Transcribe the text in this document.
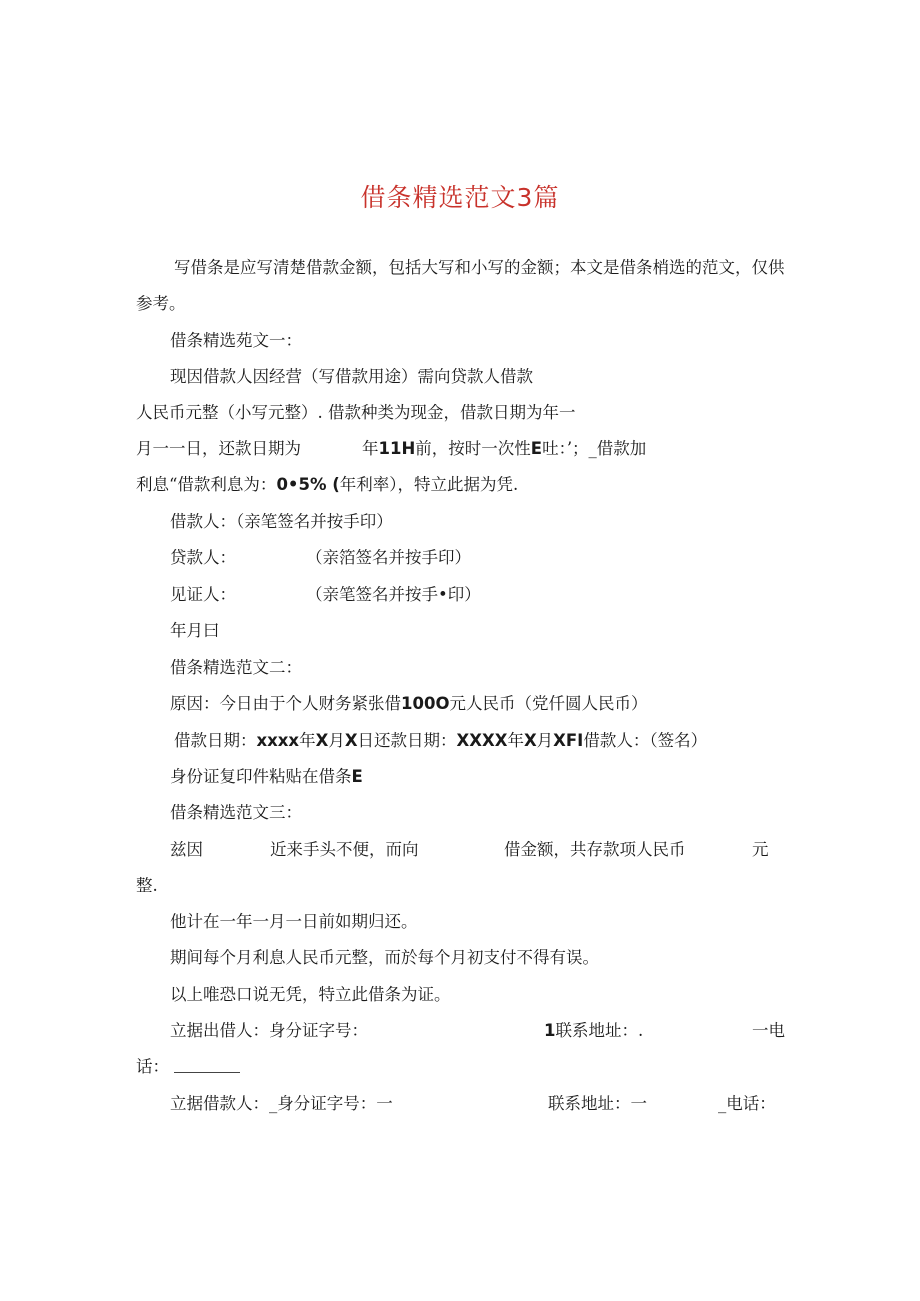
借条精选范文3篇
写借条是应写清楚借款金额，包括大写和小写的金额；本文是借条梢选的范文，仅供
参考。
借条精选苑文一：
现因借款人因经营（写借款用途）需向贷款人借款
人民币元整（小写元整）. 借款种类为现金，借款日期为年一
月一一日，还款日期为	年11H前，按时一次性E吐：’；_借款加
利息“借款利息为：0•5% (年利率），特立此据为凭.
借款人：（亲笔签名并按手印）
贷款人：	（亲箔签名并按手印）
见证人：	（亲笔签名并按手•印）
年月曰
借条精选范文二：
原因：今日由于个人财务紧张借100O元人民币（党仟圆人民币）
借款日期：xxxx年X月X日还款日期：XXXX年X月XFI借款人：（签名）
身份证复印件粘贴在借条E
借条精选范文三：
兹因	近来手头不便，而向	借金额，共存款项人民币	元
整.
他计在一年一月一日前如期归还。
期间每个月利息人民币元整，而於每个月初支付不得有误。
以上唯恐口说无凭，特立此借条为证。
立据出借人：身分证字号：	1联系地址：.	一电
话：
立据借款人：_身分证字号：一	联系地址：一	_电话：
